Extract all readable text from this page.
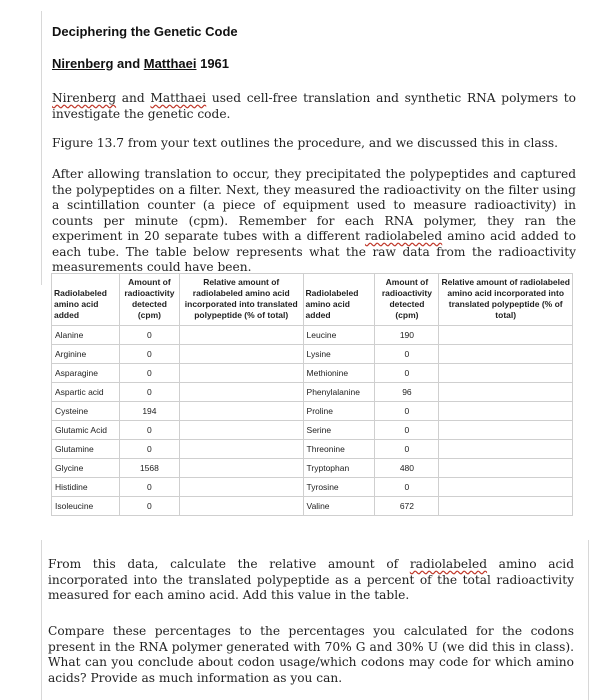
Deciphering the Genetic Code
Nirenberg and Matthaei 1961
Nirenberg and Matthaei used cell-free translation and synthetic RNA polymers to investigate the genetic code.
Figure 13.7 from your text outlines the procedure, and we discussed this in class.
After allowing translation to occur, they precipitated the polypeptides and captured the polypeptides on a filter. Next, they measured the radioactivity on the filter using a scintillation counter (a piece of equipment used to measure radioactivity) in counts per minute (cpm). Remember for each RNA polymer, they ran the experiment in 20 separate tubes with a different radiolabeled amino acid added to each tube. The table below represents what the raw data from the radioactivity measurements could have been.
Radiolabeled amino acid added	Amount of radioactivity detected (cpm)	Relative amount of radiolabeled amino acid incorporated into translated polypeptide (% of total)	Radiolabeled amino acid added	Amount of radioactivity detected (cpm)	Relative amount of radiolabeled amino acid incorporated into translated polypeptide (% of total)
Alanine	0		Leucine	190	
Arginine	0		Lysine	0	
Asparagine	0		Methionine	0	
Aspartic acid	0		Phenylalanine	96	
Cysteine	194		Proline	0	
Glutamic Acid	0		Serine	0	
Glutamine	0		Threonine	0	
Glycine	1568		Tryptophan	480	
Histidine	0		Tyrosine	0	
Isoleucine	0		Valine	672	
From this data, calculate the relative amount of radiolabeled amino acid incorporated into the translated polypeptide as a percent of the total radioactivity measured for each amino acid. Add this value in the table.
Compare these percentages to the percentages you calculated for the codons present in the RNA polymer generated with 70% G and 30% U (we did this in class). What can you conclude about codon usage/which codons may code for which amino acids? Provide as much information as you can.
